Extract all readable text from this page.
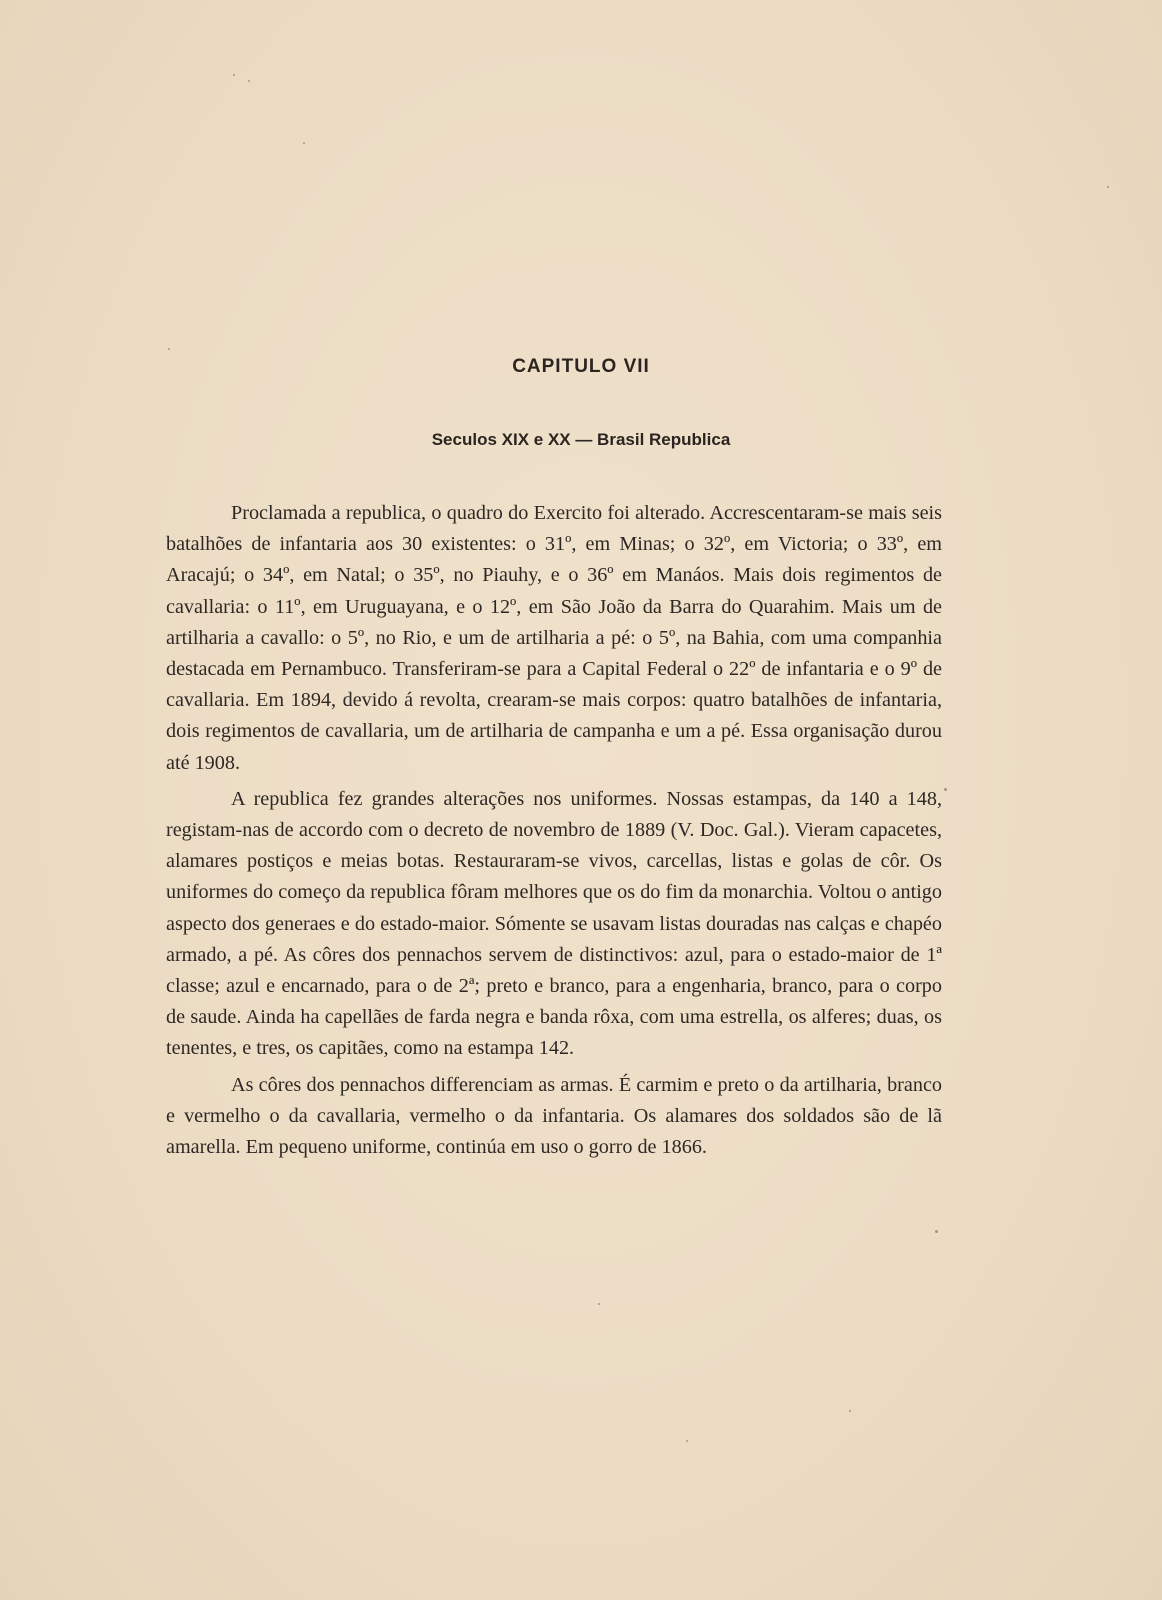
CAPITULO VII
Seculos XIX e XX — Brasil Republica

Proclamada a republica, o quadro do Exercito foi alterado. Accrescentaram-se mais seis batalhões de infantaria aos 30 existentes: o 31º, em Minas; o 32º, em Victoria; o 33º, em Aracajú; o 34º, em Natal; o 35º, no Piauhy, e o 36º em Manáos. Mais dois regimentos de cavallaria: o 11º, em Uruguayana, e o 12º, em São João da Barra do Quarahim. Mais um de artilharia a cavallo: o 5º, no Rio, e um de artilharia a pé: o 5º, na Bahia, com uma companhia destacada em Pernambuco. Transferiram-se para a Capital Federal o 22º de infantaria e o 9º de cavallaria. Em 1894, devido á revolta, crearam-se mais corpos: quatro batalhões de infantaria, dois regimentos de cavallaria, um de artilharia de campanha e um a pé. Essa organisação durou até 1908.

A republica fez grandes alterações nos uniformes. Nossas estampas, da 140 a 148, registam-nas de accordo com o decreto de novembro de 1889 (V. Doc. Gal.). Vieram capacetes, alamares postiços e meias botas. Restauraram-se vivos, carcellas, listas e golas de côr. Os uniformes do começo da republica fôram melhores que os do fim da monarchia. Voltou o antigo aspecto dos generaes e do estado-maior. Sómente se usavam listas douradas nas calças e chapéo armado, a pé. As côres dos pennachos servem de distinctivos: azul, para o estado-maior de 1ª classe; azul e encarnado, para o de 2ª; preto e branco, para a engenharia, branco, para o corpo de saude. Ainda ha capellães de farda negra e banda rôxa, com uma estrella, os alferes; duas, os tenentes, e tres, os capitães, como na estampa 142.

As côres dos pennachos differenciam as armas. É carmim e preto o da artilharia, branco e vermelho o da cavallaria, vermelho o da infantaria. Os alamares dos soldados são de lã amarella. Em pequeno uniforme, continúa em uso o gorro de 1866.
